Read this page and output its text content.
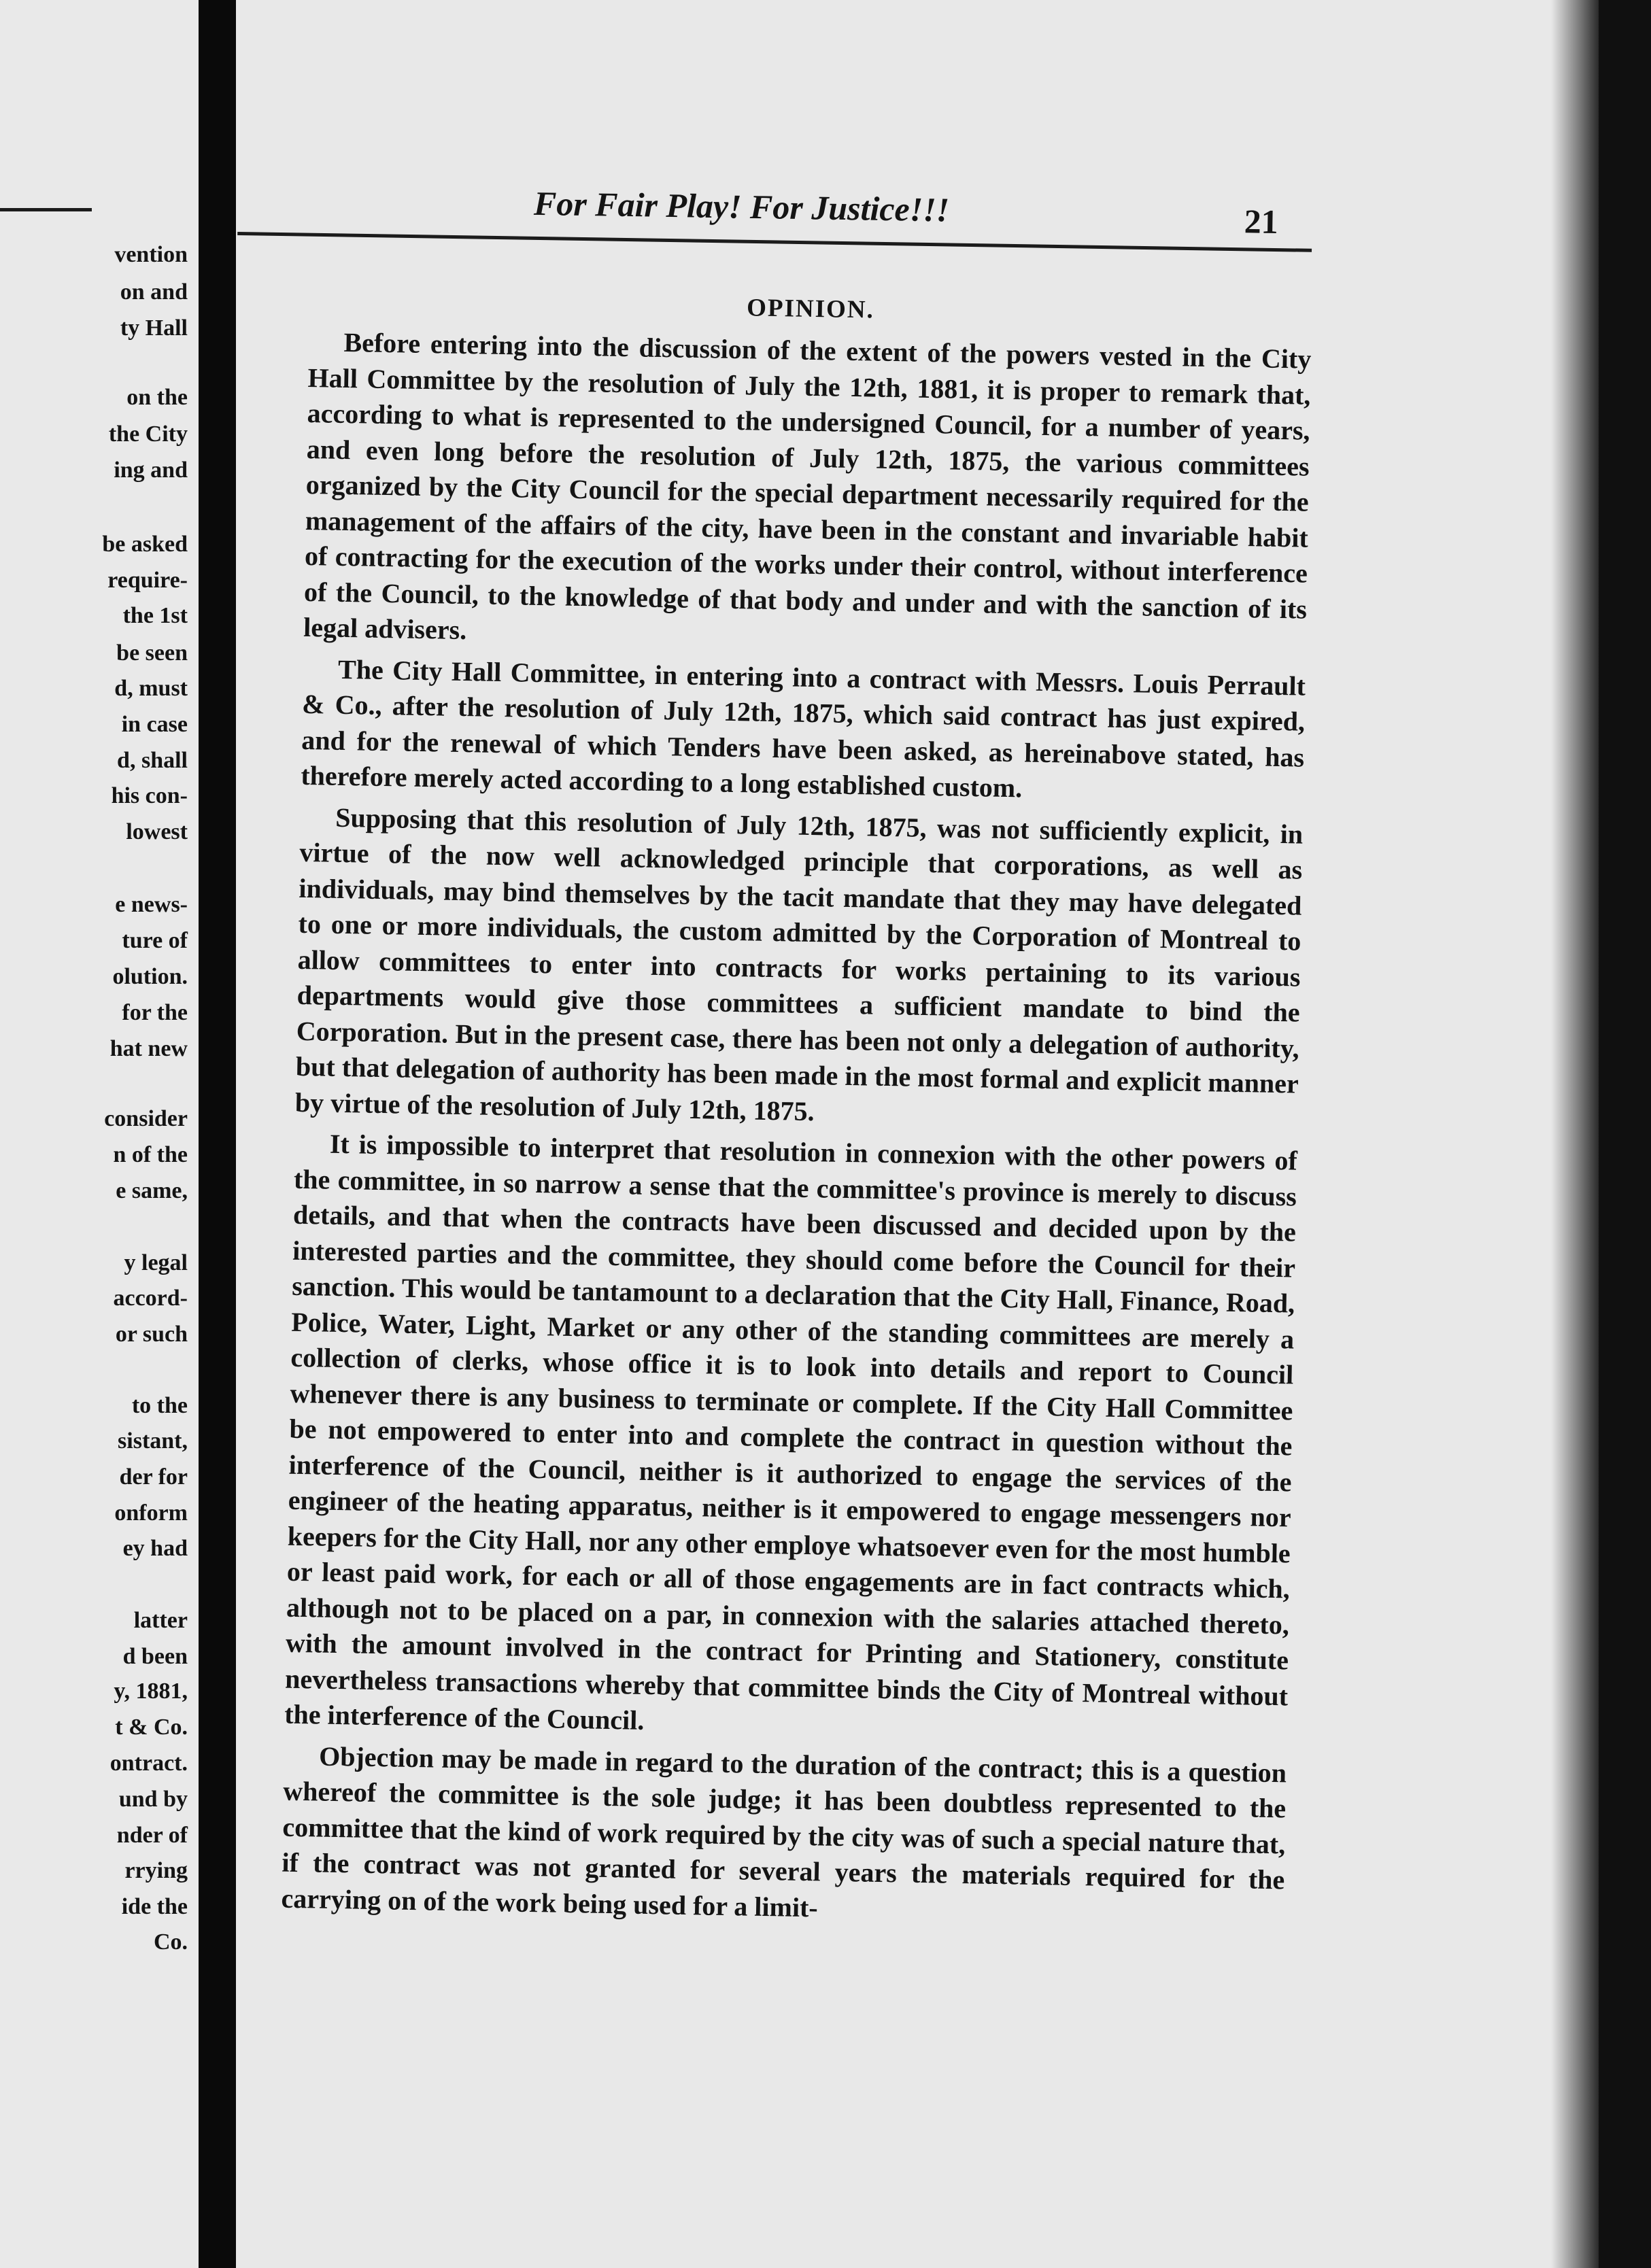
vention
on and
ty Hall
on the
the City
ing and
be asked
require-
the 1st
be seen
d, must
in case
d, shall
his con-
lowest
e news-
ture of
olution.
for the
hat new
consider
n of the
e same,
y legal
accord-
or such
to the
sistant,
der for
onform
ey had
latter
d been
y, 1881,
t & Co.
ontract.
und by
nder of
rrying
ide the
Co.
For Fair Play! For Justice!!!	21
OPINION.

Before entering into the discussion of the extent of the powers vested in the City Hall Committee by the resolution of July the 12th, 1881, it is proper to remark that, according to what is represented to the undersigned Council, for a number of years, and even long before the resolution of July 12th, 1875, the various committees organized by the City Council for the special department necessarily required for the management of the affairs of the city, have been in the constant and invariable habit of contracting for the execution of the works under their control, without interference of the Council, to the knowledge of that body and under and with the sanction of its legal advisers.

The City Hall Committee, in entering into a contract with Messrs. Louis Perrault & Co., after the resolution of July 12th, 1875, which said contract has just expired, and for the renewal of which Tenders have been asked, as hereinabove stated, has therefore merely acted according to a long established custom.

Supposing that this resolution of July 12th, 1875, was not sufficiently explicit, in virtue of the now well acknowledged principle that corporations, as well as individuals, may bind themselves by the tacit mandate that they may have delegated to one or more individuals, the custom admitted by the Corporation of Montreal to allow committees to enter into contracts for works pertaining to its various departments would give those committees a sufficient mandate to bind the Corporation. But in the present case, there has been not only a delegation of authority, but that delegation of authority has been made in the most formal and explicit manner by virtue of the resolution of July 12th, 1875.

It is impossible to interpret that resolution in connexion with the other powers of the committee, in so narrow a sense that the committee's province is merely to discuss details, and that when the contracts have been discussed and decided upon by the interested parties and the committee, they should come before the Council for their sanction. This would be tantamount to a declaration that the City Hall, Finance, Road, Police, Water, Light, Market or any other of the standing committees are merely a collection of clerks, whose office it is to look into details and report to Council whenever there is any business to terminate or complete. If the City Hall Committee be not empowered to enter into and complete the contract in question without the interference of the Council, neither is it authorized to engage the services of the engineer of the heating apparatus, neither is it empowered to engage messengers nor keepers for the City Hall, nor any other employe whatsoever even for the most humble or least paid work, for each or all of those engagements are in fact contracts which, although not to be placed on a par, in connexion with the salaries attached thereto, with the amount involved in the contract for Printing and Stationery, constitute nevertheless transactions whereby that committee binds the City of Montreal without the interference of the Council.

Objection may be made in regard to the duration of the contract; this is a question whereof the committee is the sole judge; it has been doubtless represented to the committee that the kind of work required by the city was of such a special nature that, if the contract was not granted for several years the materials required for the carrying on of the work being used for a limit-
